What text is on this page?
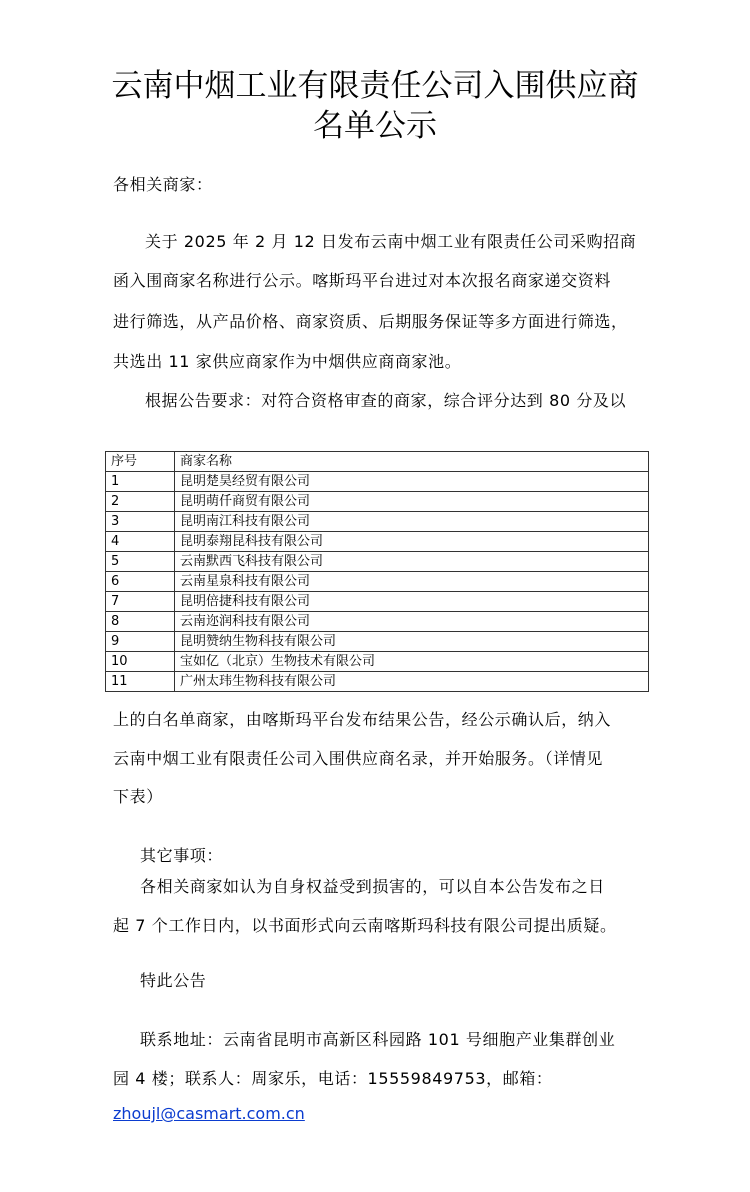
云南中烟工业有限责任公司入围供应商
名单公示
各相关商家：
关于 2025 年 2 月 12 日发布云南中烟工业有限责任公司采购招商
函入围商家名称进行公示。喀斯玛平台进过对本次报名商家递交资料
进行筛选，从产品价格、商家资质、后期服务保证等多方面进行筛选，
共选出 11 家供应商家作为中烟供应商商家池。
根据公告要求：对符合资格审查的商家，综合评分达到 80 分及以
序号	商家名称
1	昆明楚昊经贸有限公司
2	昆明萌仟商贸有限公司
3	昆明南江科技有限公司
4	昆明泰翔昆科技有限公司
5	云南默西飞科技有限公司
6	云南星泉科技有限公司
7	昆明倍捷科技有限公司
8	云南迩润科技有限公司
9	昆明赞纳生物科技有限公司
10	宝如亿（北京）生物技术有限公司
11	广州太玮生物科技有限公司
上的白名单商家，由喀斯玛平台发布结果公告，经公示确认后，纳入
云南中烟工业有限责任公司入围供应商名录，并开始服务。（详情见
下表）
其它事项：
各相关商家如认为自身权益受到损害的，可以自本公告发布之日
起 7 个工作日内，以书面形式向云南喀斯玛科技有限公司提出质疑。
特此公告
联系地址：云南省昆明市高新区科园路 101 号细胞产业集群创业
园 4 楼；联系人：周家乐，电话：15559849753，邮箱：
zhoujl@casmart.com.cn
